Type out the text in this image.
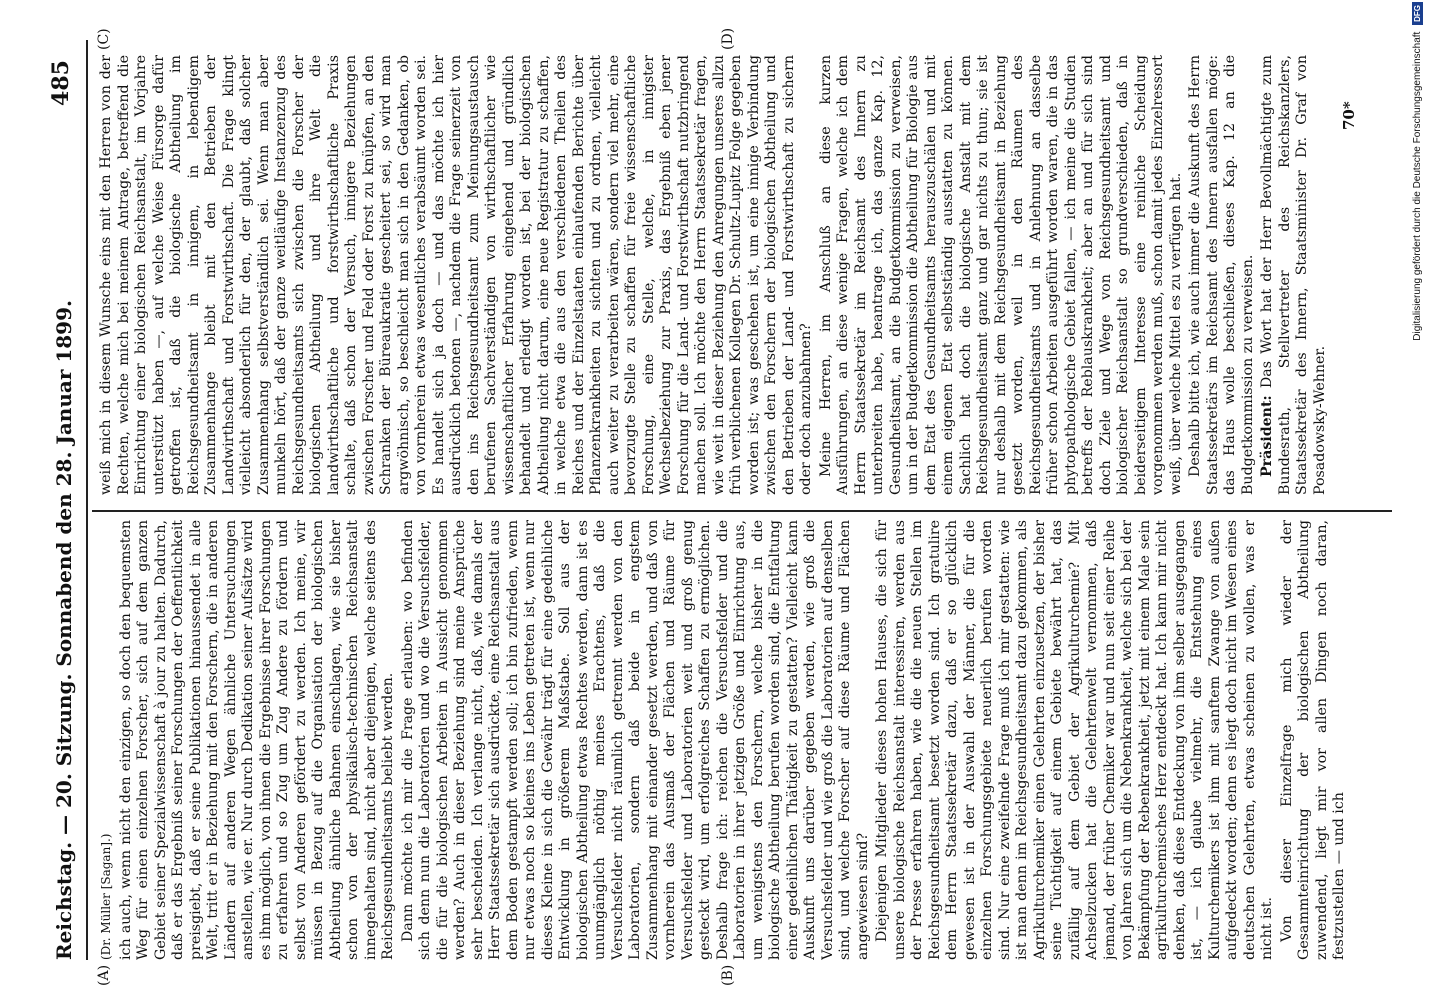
Reichstag. — 20. Sitzung. Sonnabend den 28. Januar 1899.
485
(A)	(B)
(C)	(D)

(Dr. Müller [Sagan].) ich auch, wenn nicht den einzigen, so doch den bequemsten Weg für einen einzelnen Forscher, sich auf dem ganzen Gebiet seiner Spezialwissenschaft à jour zu halten. Dadurch, daß er das Ergebniß seiner Forschungen der Oeffentlichkeit preisgiebt, daß er seine Publikationen hinaussendet in alle Welt, tritt er in Beziehung mit den Forschern, die in anderen Ländern auf anderen Wegen ähnliche Untersuchungen anstellen, wie er. Nur durch Dedikation seiner Aufsätze wird es ihm möglich, von ihnen die Ergebnisse ihrer Forschungen zu erfahren und so Zug um Zug Andere zu fördern und selbst von Anderen gefördert zu werden. Ich meine, wir müssen in Bezug auf die Organisation der biologischen Abtheilung ähnliche Bahnen einschlagen, wie sie bisher schon von der physikalisch-technischen Reichsanstalt innegehalten sind, nicht aber diejenigen, welche seitens des Reichsgesundheitsamts beliebt werden. Dann möchte ich mir die Frage erlauben: wo befinden sich denn nun die Laboratorien und wo die Versuchsfelder, die für die biologischen Arbeiten in Aussicht genommen werden? Auch in dieser Beziehung sind meine Ansprüche sehr bescheiden. Ich verlange nicht, daß, wie damals der Herr Staatssekretär sich ausdrückte, eine Reichsanstalt aus dem Boden gestampft werden soll; ich bin zufrieden, wenn nur etwas noch so kleines ins Leben getreten ist, wenn nur dieses Kleine in sich die Gewähr trägt für eine gedeihliche Entwicklung in größerem Maßstabe. Soll aus der biologischen Abtheilung etwas Rechtes werden, dann ist es unumgänglich nöthig meines Erachtens, daß die Versuchsfelder nicht räumlich getrennt werden von den Laboratorien, sondern daß beide in engstem Zusammenhang mit einander gesetzt werden, und daß von vornherein das Ausmaß der Flächen und Räume für Versuchsfelder und Laboratorien weit und groß genug gesteckt wird, um erfolgreiches Schaffen zu ermöglichen. Deshalb frage ich: reichen die Versuchsfelder und die Laboratorien in ihrer jetzigen Größe und Einrichtung aus, um wenigstens den Forschern, welche bisher in die biologische Abtheilung berufen worden sind, die Entfaltung einer gedeihlichen Thätigkeit zu gestatten? Vielleicht kann Auskunft uns darüber gegeben werden, wie groß die Versuchsfelder und wie groß die Laboratorien auf denselben sind, und welche Forscher auf diese Räume und Flächen angewiesen sind? Diejenigen Mitglieder dieses hohen Hauses, die sich für unsere biologische Reichsanstalt interessiren, werden aus der Presse erfahren haben, wie die die neuen Stellen im Reichsgesundheitsamt besetzt worden sind. Ich gratulire dem Herrn Staatssekretär dazu, daß er so glücklich gewesen ist in der Auswahl der Männer, die für die einzelnen Forschungsgebiete neuerlich berufen worden sind. Nur eine zweifelnde Frage muß ich mir gestatten: wie ist man denn im Reichsgesundheitsamt dazu gekommen, als Agrikulturchemiker einen Gelehrten einzusetzen, der bisher seine Tüchtigkeit auf einem Gebiete bewährt hat, das zufällig auf dem Gebiet der Agrikulturchemie? Mit Achselzucken hat die Gelehrtenwelt vernommen, daß jemand, der früher Chemiker war und nun seit einer Reihe von Jahren sich um die Nebenkrankheit, welche sich bei der Bekämpfung der Rebenkrankheit, jetzt mit einem Male sein agrikulturchemisches Herz entdeckt hat. Ich kann mir nicht denken, daß diese Entdeckung von ihm selber ausgegangen ist, — ich glaube vielmehr, die Entstehung eines Kulturchemikers ist ihm mit sanftem Zwange von außen aufgedeckt worden; denn es liegt doch nicht im Wesen eines deutschen Gelehrten, etwas scheinen zu wollen, was er nicht ist. Von dieser Einzelfrage mich wieder der Gesammteinrichtung der biologischen Abtheilung zuwendend, liegt mir vor allen Dingen noch daran, festzustellen — und ich

weiß mich in diesem Wunsche eins mit den Herren von der Rechten, welche mich bei meinem Antrage, betreffend die Einrichtung einer biologischen Reichsanstalt, im Vorjahre unterstützt haben —, auf welche Weise Fürsorge dafür getroffen ist, daß die biologische Abtheilung im Reichsgesundheitsamt in innigem, in lebendigem Zusammenhange bleibt mit den Betrieben der Landwirthschaft und Forstwirthschaft. Die Frage klingt vielleicht absonderlich für den, der glaubt, daß solcher Zusammenhang selbstverständlich sei. Wenn man aber munkeln hört, daß der ganze weitläufige Instanzenzug des Reichsgesundheitsamts sich zwischen die Forscher der biologischen Abtheilung und ihre Welt die landwirthschaftliche und forstwirthschaftliche Praxis schalte, daß schon der Versuch, innigere Beziehungen zwischen Forscher und Feld oder Forst zu knüpfen, an den Schranken der Büreaukratie gescheitert sei, so wird man argwöhnisch, so beschleicht man sich in den Gedanken, ob von vornherein etwas wesentliches verabsäumt worden sei. Es handelt sich ja doch — und das möchte ich hier ausdrücklich betonen —, nachdem die Frage seinerzeit von den ins Reichsgesundheitsamt zum Meinungsaustausch berufenen Sachverständigen von wirthschaftlicher wie wissenschaftlicher Erfahrung eingehend und gründlich behandelt und erledigt worden ist, bei der biologischen Abtheilung nicht darum, eine neue Registratur zu schaffen, in welche etwa die aus den verschiedenen Theilen des Reiches und der Einzelstaaten einlaufenden Berichte über Pflanzenkrankheiten zu sichten und zu ordnen, vielleicht auch weiter zu verarbeiten wären, sondern viel mehr, eine bevorzugte Stelle zu schaffen für freie wissenschaftliche Forschung, eine Stelle, welche, in innigster Wechselbeziehung zur Praxis, das Ergebniß eben jener Forschung für die Land- und Forstwirthschaft nutzbringend machen soll. Ich möchte den Herrn Staatssekretär fragen, wie weit in dieser Beziehung den Anregungen unseres allzu früh verblichenen Kollegen Dr. Schultz-Lupitz Folge gegeben worden ist; was geschehen ist, um eine innige Verbindung zwischen den Forschern der biologischen Abtheilung und den Betrieben der Land- und Forstwirthschaft zu sichern oder doch anzubahnen? Meine Herren, im Anschluß an diese kurzen Ausführungen, an diese wenige Fragen, welche ich dem Herrn Staatssekretär im Reichsamt des Innern zu unterbreiten habe, beantrage ich, das ganze Kap. 12, Gesundheitsamt, an die Budgetkommission zu verweisen, um in der Budgetkommission die Abtheilung für Biologie aus dem Etat des Gesundheitsamts herauszuschälen und mit einem eigenen Etat selbstständig ausstatten zu können. Sachlich hat doch die biologische Anstalt mit dem Reichsgesundheitsamt ganz und gar nichts zu thun; sie ist nur deshalb mit dem Reichsgesundheitsamt in Beziehung gesetzt worden, weil in den Räumen des Reichsgesundheitsamts und in Anlehnung an dasselbe früher schon Arbeiten ausgeführt worden waren, die in das phytopathologische Gebiet fallen, — ich meine die Studien betreffs der Reblauskrankheit; aber an und für sich sind doch Ziele und Wege von Reichsgesundheitsamt und biologischer Reichsanstalt so grundverschieden, daß in beiderseitigem Interesse eine reinliche Scheidung vorgenommen werden muß, schon damit jedes Einzelressort weiß, über welche Mittel es zu verfügen hat. Deshalb bitte ich, wie auch immer die Auskunft des Herrn Staatssekretärs im Reichsamt des Innern ausfallen möge: das Haus wolle beschließen, dieses Kap. 12 an die Budgetkommission zu verweisen. Präsident: Das Wort hat der Herr Bevollmächtigte zum Bundesrath, Stellvertreter des Reichskanzlers, Staatssekretär des Innern, Staatsminister Dr. Graf von Posadowsky-Wehner.

70*	Digitalisierung gefördert durch die Deutsche Forschungsgemeinschaft DFG
